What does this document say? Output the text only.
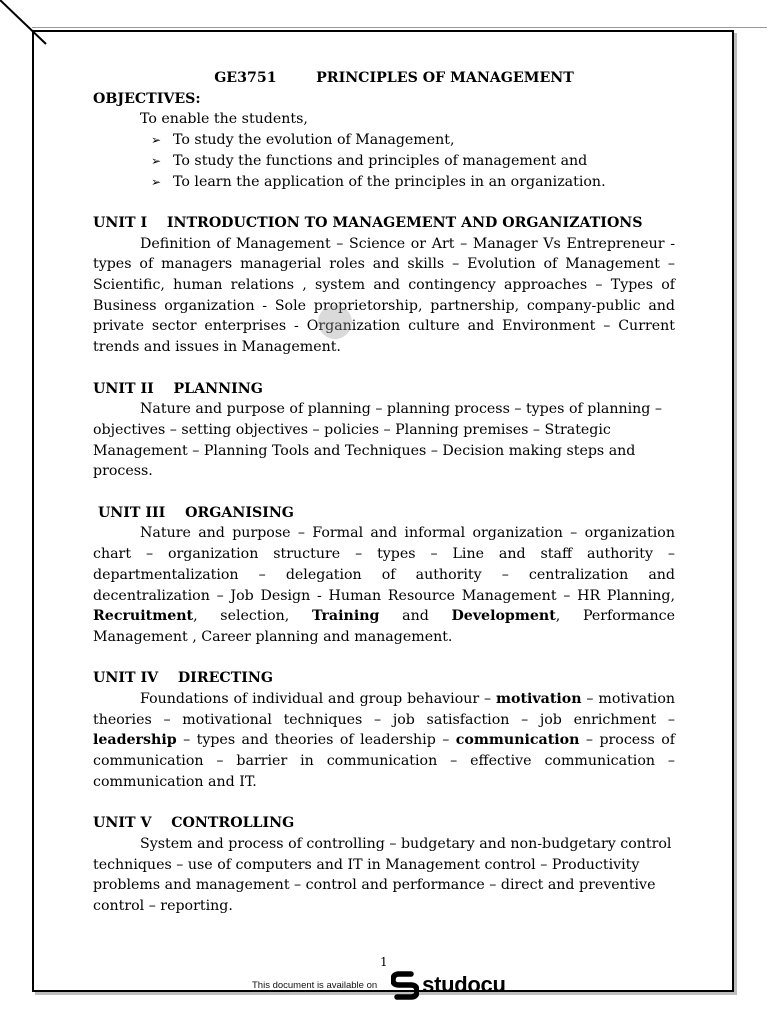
GE3751        PRINCIPLES OF MANAGEMENT
OBJECTIVES:
To enable the students,
➢ To study the evolution of Management,
➢ To study the functions and principles of management and
➢ To learn the application of the principles in an organization.
UNIT I    INTRODUCTION TO MANAGEMENT AND ORGANIZATIONS
Definition of Management – Science or Art – Manager Vs Entrepreneur - types of managers managerial roles and skills – Evolution of Management – Scientific, human relations , system and contingency approaches – Types of Business organization - Sole proprietorship, partnership, company-public and private sector enterprises - Organization culture and Environment – Current trends and issues in Management.
UNIT II    PLANNING
Nature and purpose of planning – planning process – types of planning – objectives – setting objectives – policies – Planning premises – Strategic Management – Planning Tools and Techniques – Decision making steps and process.
UNIT III    ORGANISING
Nature and purpose – Formal and informal organization – organization chart – organization structure – types – Line and staff authority – departmentalization – delegation of authority – centralization and decentralization – Job Design - Human Resource Management – HR Planning, Recruitment, selection, Training and Development, Performance Management , Career planning and management.
UNIT IV    DIRECTING
Foundations of individual and group behaviour – motivation – motivation theories – motivational techniques – job satisfaction – job enrichment – leadership – types and theories of leadership – communication – process of communication – barrier in communication – effective communication – communication and IT.
UNIT V    CONTROLLING
System and process of controlling – budgetary and non-budgetary control techniques – use of computers and IT in Management control – Productivity problems and management – control and performance – direct and preventive control – reporting.
1
This document is available on studocu
